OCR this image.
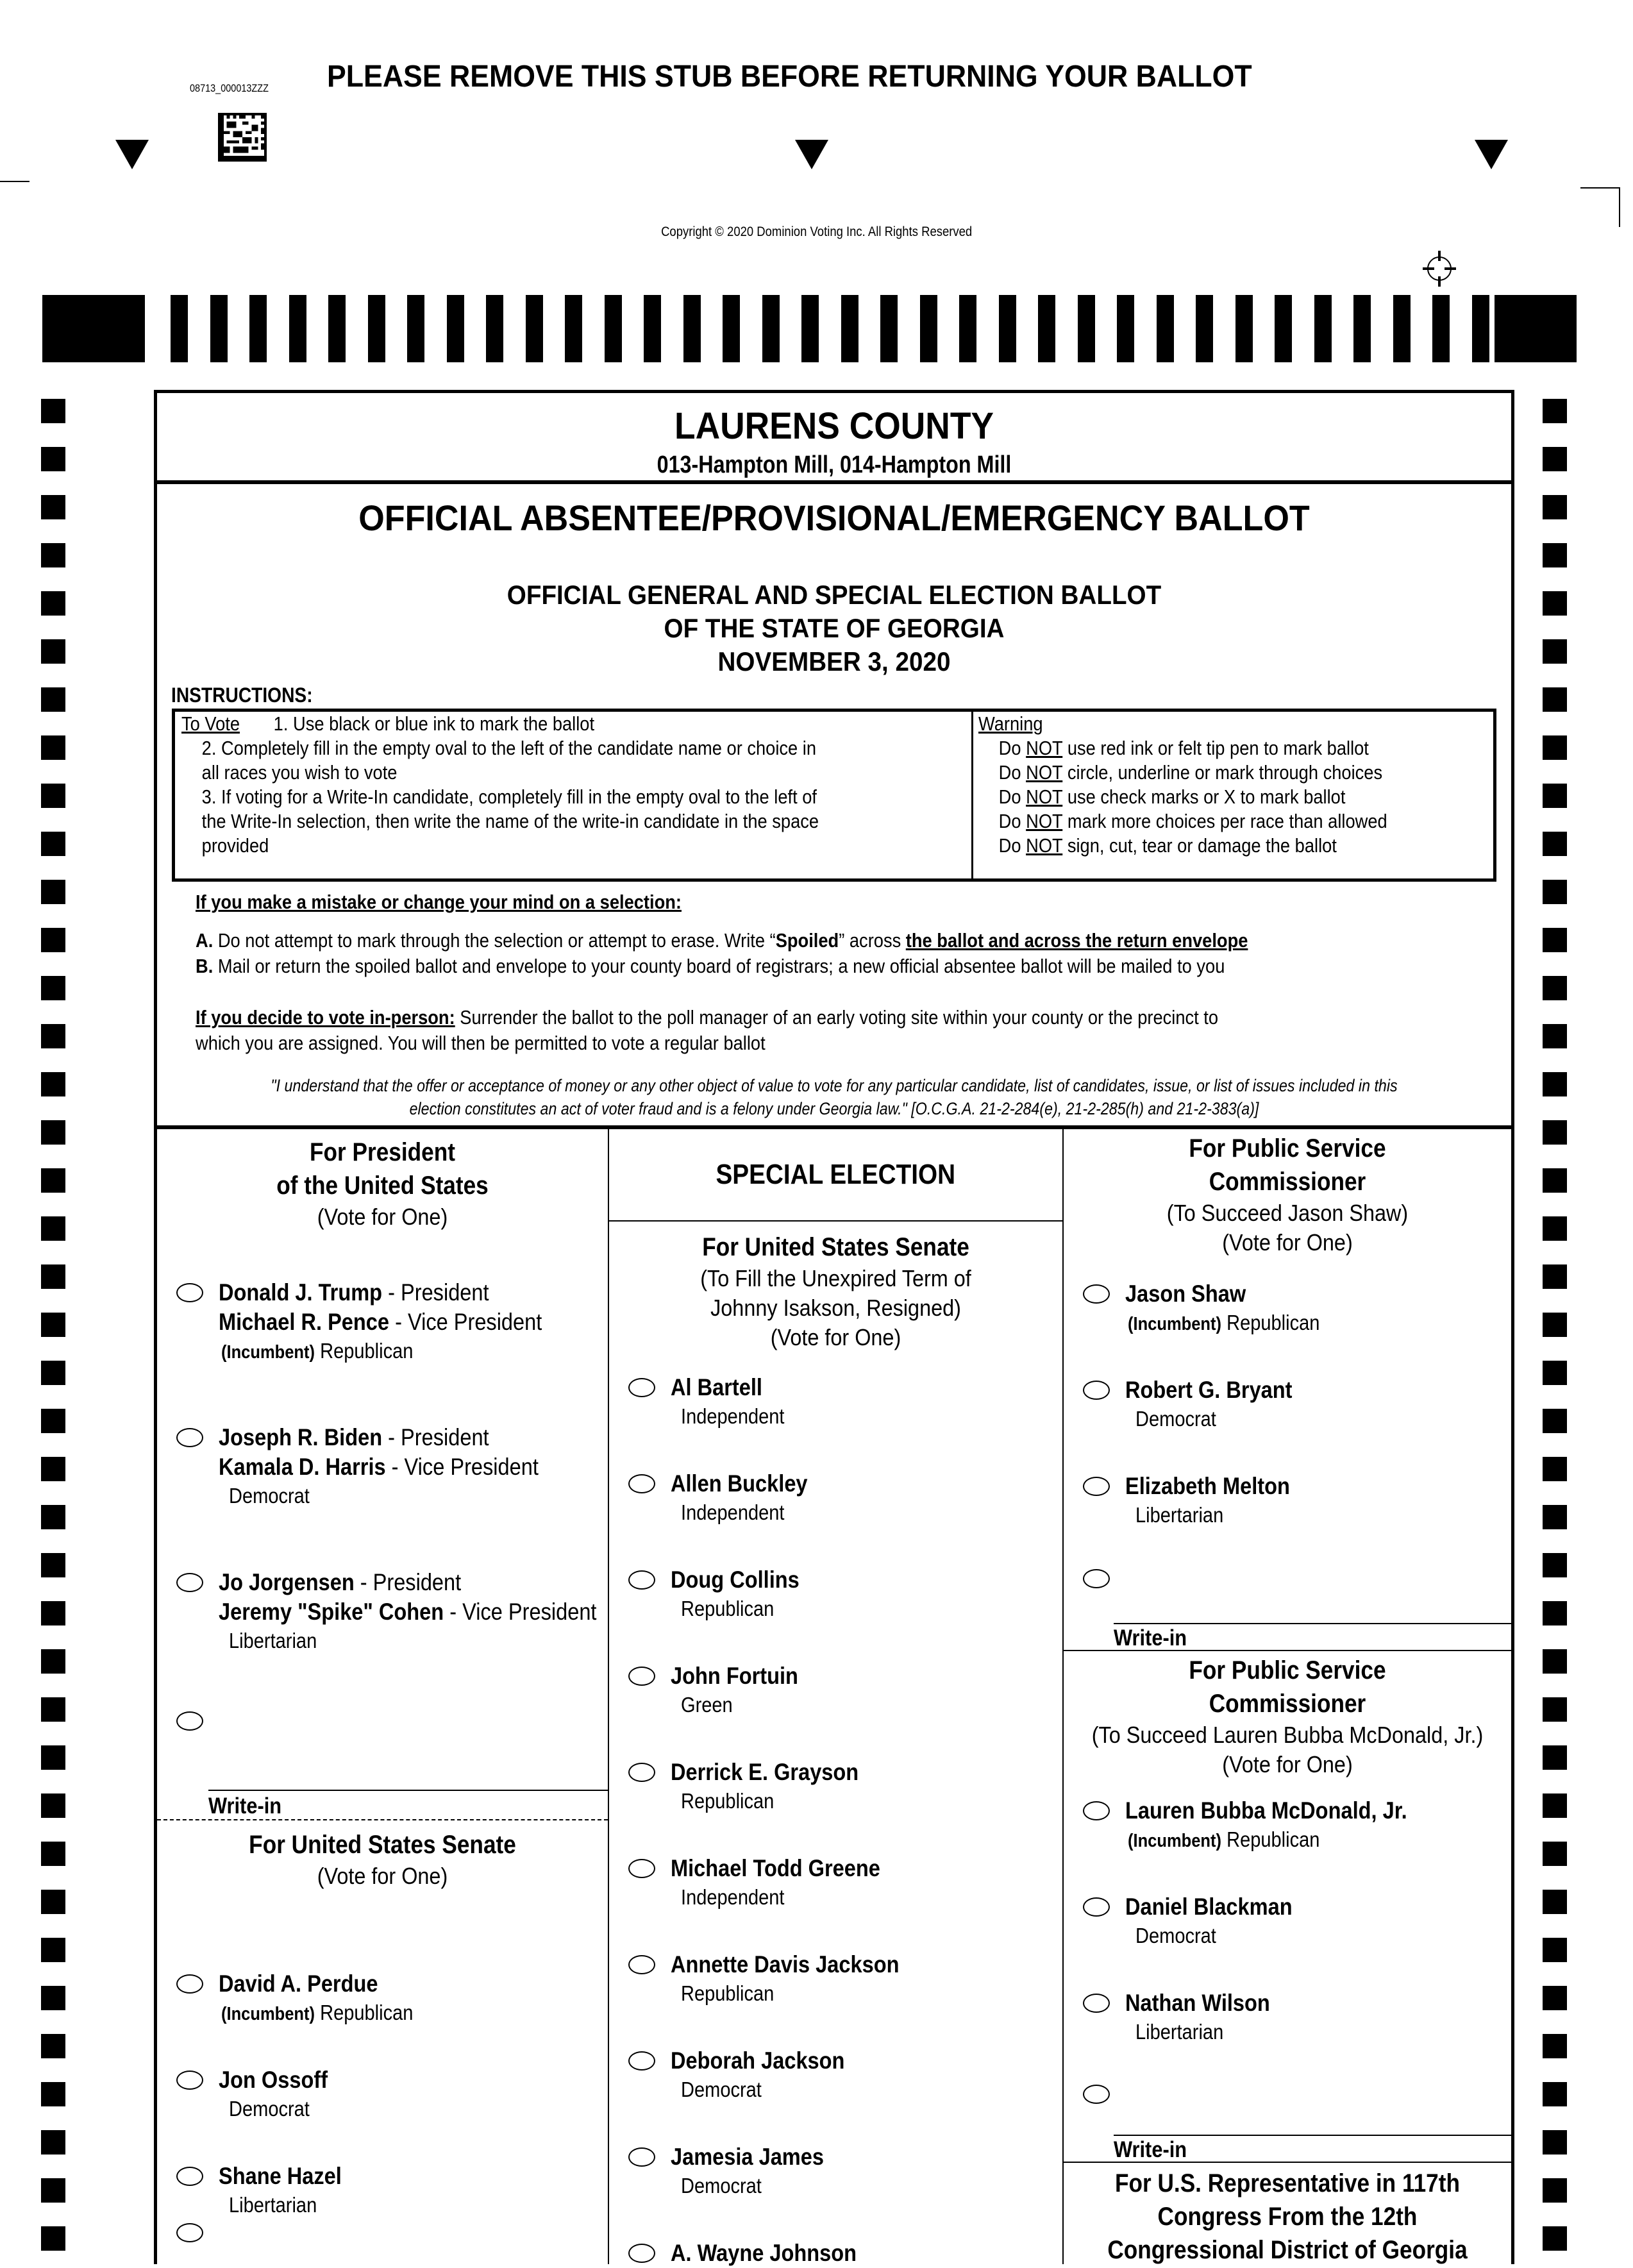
08713_000013ZZZ PLEASE REMOVE THIS STUB BEFORE RETURNING YOUR BALLOT
Copyright © 2020 Dominion Voting Inc. All Rights Reserved
LAURENS COUNTY
013-Hampton Mill, 014-Hampton Mill
OFFICIAL ABSENTEE/PROVISIONAL/EMERGENCY BALLOT
OFFICIAL GENERAL AND SPECIAL ELECTION BALLOT
OF THE STATE OF GEORGIA
NOVEMBER 3, 2020
INSTRUCTIONS:
To Vote 1. Use black or blue ink to mark the ballot
2. Completely fill in the empty oval to the left of the candidate name or choice in
all races you wish to vote
3. If voting for a Write-In candidate, completely fill in the empty oval to the left of
the Write-In selection, then write the name of the write-in candidate in the space
provided
Warning
Do NOT use red ink or felt tip pen to mark ballot
Do NOT circle, underline or mark through choices
Do NOT use check marks or X to mark ballot
Do NOT mark more choices per race than allowed
Do NOT sign, cut, tear or damage the ballot
If you make a mistake or change your mind on a selection:
A. Do not attempt to mark through the selection or attempt to erase. Write “Spoiled” across the ballot and across the return envelope
B. Mail or return the spoiled ballot and envelope to your county board of registrars; a new official absentee ballot will be mailed to you
If you decide to vote in-person: Surrender the ballot to the poll manager of an early voting site within your county or the precinct to
which you are assigned. You will then be permitted to vote a regular ballot
"I understand that the offer or acceptance of money or any other object of value to vote for any particular candidate, list of candidates, issue, or list of issues included in this
election constitutes an act of voter fraud and is a felony under Georgia law." [O.C.G.A. 21-2-284(e), 21-2-285(h) and 21-2-383(a)]
For President
of the United States
(Vote for One)
Donald J. Trump - President
Michael R. Pence - Vice President
(Incumbent) Republican
Joseph R. Biden - President
Kamala D. Harris - Vice President
Democrat
Jo Jorgensen - President
Jeremy "Spike" Cohen - Vice President
Libertarian
Write-in
For United States Senate
(Vote for One)
David A. Perdue
(Incumbent) Republican
Jon Ossoff
Democrat
Shane Hazel
Libertarian
SPECIAL ELECTION
For United States Senate
(To Fill the Unexpired Term of
Johnny Isakson, Resigned)
(Vote for One)
Al Bartell
Independent
Allen Buckley
Independent
Doug Collins
Republican
John Fortuin
Green
Derrick E. Grayson
Republican
Michael Todd Greene
Independent
Annette Davis Jackson
Republican
Deborah Jackson
Democrat
Jamesia James
Democrat
A. Wayne Johnson
For Public Service
Commissioner
(To Succeed Jason Shaw)
(Vote for One)
Jason Shaw
(Incumbent) Republican
Robert G. Bryant
Democrat
Elizabeth Melton
Libertarian
Write-in
For Public Service
Commissioner
(To Succeed Lauren Bubba McDonald, Jr.)
(Vote for One)
Lauren Bubba McDonald, Jr.
(Incumbent) Republican
Daniel Blackman
Democrat
Nathan Wilson
Libertarian
Write-in
For U.S. Representative in 117th
Congress From the 12th
Congressional District of Georgia
